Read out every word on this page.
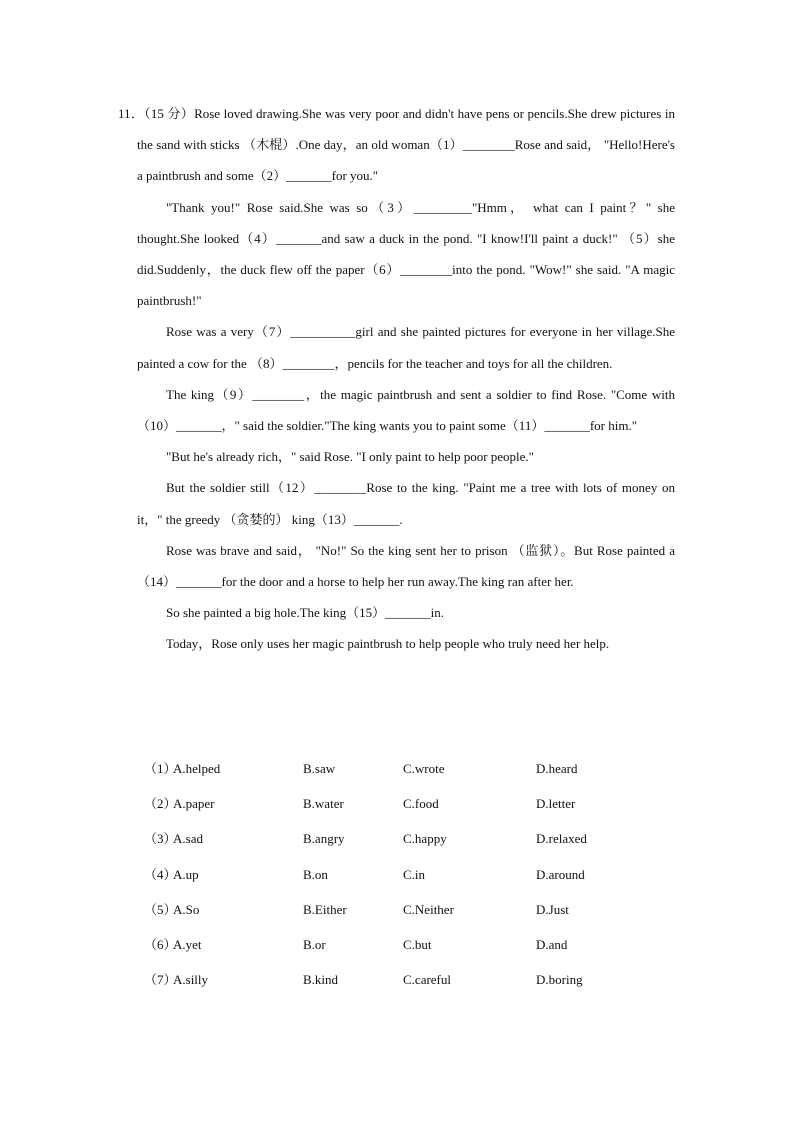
11．（15 分）Rose loved drawing.She was very poor and didn't have pens or pencils.She drew pictures in the sand with sticks （木棍）.One day，an old woman（1）________Rose and said， "Hello!Here's a paintbrush and some（2）_______for you."

"Thank you!" Rose said.She was so（3）_________"Hmm， what can I paint？" she thought.She looked（4）_______and saw a duck in the pond. "I know!I'll paint a duck!" （5）she did.Suddenly，the duck flew off the paper（6）________into the pond. "Wow!" she said. "A magic paintbrush!"

Rose was a very（7）__________girl and she painted pictures for everyone in her village.She painted a cow for the （8）________，pencils for the teacher and toys for all the children.

The king（9）________，the magic paintbrush and sent a soldier to find Rose. "Come with（10）_______，" said the soldier."The king wants you to paint some（11）_______for him."

"But he's already rich，" said Rose. "I only paint to help poor people."

But the soldier still（12）________Rose to the king. "Paint me a tree with lots of money on it，" the greedy （贪婪的） king（13）_______.

Rose was brave and said， "No!" So the king sent her to prison （监狱）。But Rose painted a（14）_______for the door and a horse to help her run away.The king ran after her.

So she painted a big hole.The king（15）_______in.

Today，Rose only uses her magic paintbrush to help people who truly need her help.

（1）
A.helped	B.saw	C.wrote	D.heard
（2）
A.paper	B.water	C.food	D.letter
（3）
A.sad	B.angry	C.happy	D.relaxed
（4）
A.up	B.on	C.in	D.around
（5）
A.So	B.Either	C.Neither	D.Just
（6）
A.yet	B.or	C.but	D.and
（7）
A.silly	B.kind	C.careful	D.boring
